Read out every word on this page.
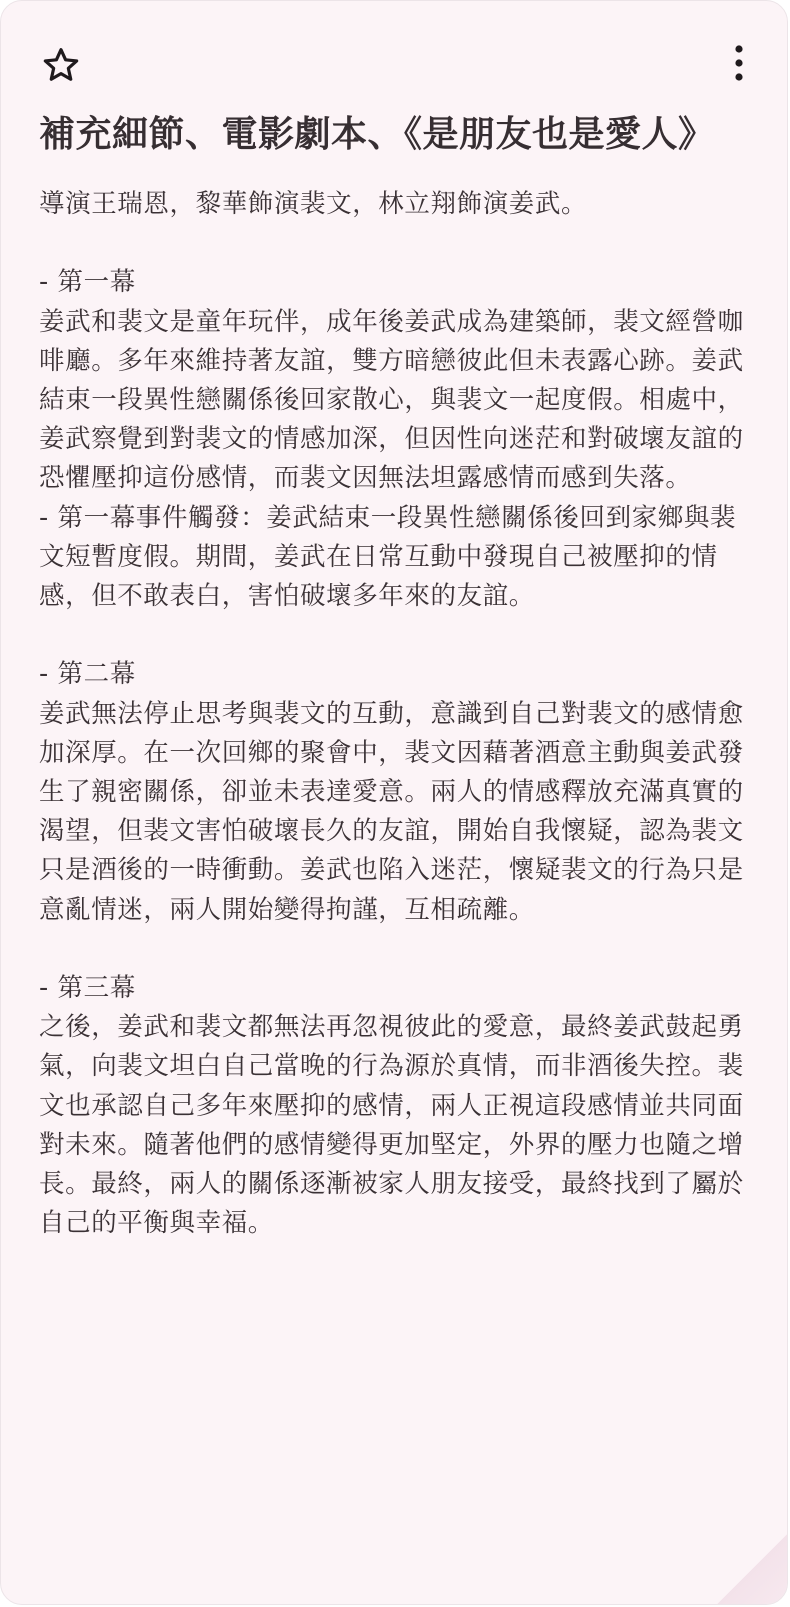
補充細節、電影劇本、《是朋友也是愛人》

導演王瑞恩，黎華飾演裴文，林立翔飾演姜武。

- 第一幕

姜武和裴文是童年玩伴，成年後姜武成為建築師，裴文經營咖啡廳。多年來維持著友誼，雙方暗戀彼此但未表露心跡。姜武結束一段異性戀關係後回家散心，與裴文一起度假。相處中，姜武察覺到對裴文的情感加深，但因性向迷茫和對破壞友誼的恐懼壓抑這份感情，而裴文因無法坦露感情而感到失落。

- 第一幕事件觸發：姜武結束一段異性戀關係後回到家鄉與裴文短暫度假。期間，姜武在日常互動中發現自己被壓抑的情感，但不敢表白，害怕破壞多年來的友誼。

- 第二幕

姜武無法停止思考與裴文的互動，意識到自己對裴文的感情愈加深厚。在一次回鄉的聚會中，裴文因藉著酒意主動與姜武發生了親密關係，卻並未表達愛意。兩人的情感釋放充滿真實的渴望，但裴文害怕破壞長久的友誼，開始自我懷疑，認為裴文只是酒後的一時衝動。姜武也陷入迷茫，懷疑裴文的行為只是意亂情迷，兩人開始變得拘謹，互相疏離。

- 第三幕

之後，姜武和裴文都無法再忽視彼此的愛意，最終姜武鼓起勇氣，向裴文坦白自己當晚的行為源於真情，而非酒後失控。裴文也承認自己多年來壓抑的感情，兩人正視這段感情並共同面對未來。隨著他們的感情變得更加堅定，外界的壓力也隨之增長。最終，兩人的關係逐漸被家人朋友接受，最終找到了屬於自己的平衡與幸福。
